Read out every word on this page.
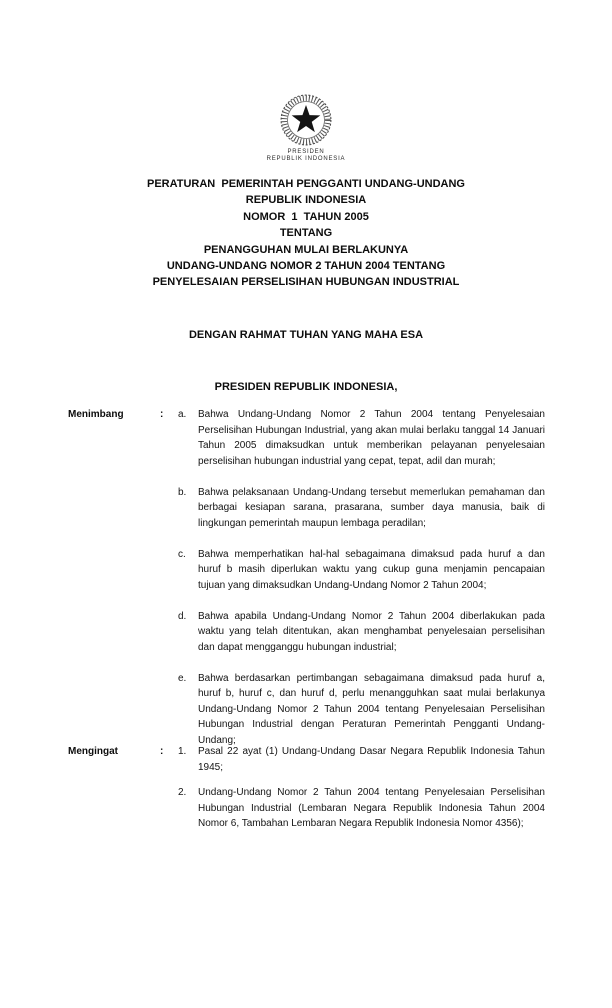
PRESIDEN
REPUBLIK INDONESIA
PERATURAN  PEMERINTAH PENGGANTI UNDANG-UNDANG
REPUBLIK INDONESIA
NOMOR  1  TAHUN 2005
TENTANG
PENANGGUHAN MULAI BERLAKUNYA
UNDANG-UNDANG NOMOR 2 TAHUN 2004 TENTANG
PENYELESAIAN PERSELISIHAN HUBUNGAN INDUSTRIAL
DENGAN RAHMAT TUHAN YANG MAHA ESA
PRESIDEN REPUBLIK INDONESIA,
Menimbang	:	a.	Bahwa Undang-Undang Nomor 2 Tahun 2004 tentang Penyelesaian Perselisihan Hubungan Industrial, yang akan mulai berlaku tanggal 14 Januari Tahun 2005 dimaksudkan untuk memberikan pelayanan penyelesaian perselisihan hubungan industrial yang cepat, tepat, adil dan murah;
b.	Bahwa pelaksanaan Undang-Undang tersebut memerlukan pemahaman dan berbagai kesiapan sarana, prasarana, sumber daya manusia, baik di lingkungan pemerintah maupun lembaga peradilan;
c.	Bahwa memperhatikan hal-hal sebagaimana dimaksud pada huruf a dan huruf b masih diperlukan waktu yang cukup guna menjamin pencapaian tujuan yang dimaksudkan Undang-Undang Nomor 2 Tahun 2004;
d.	Bahwa apabila Undang-Undang Nomor 2 Tahun 2004 diberlakukan pada waktu yang telah ditentukan, akan menghambat penyelesaian perselisihan dan dapat mengganggu hubungan industrial;
e.	Bahwa berdasarkan pertimbangan sebagaimana dimaksud pada huruf a, huruf b, huruf c, dan huruf d, perlu menangguhkan saat mulai berlakunya Undang-Undang Nomor 2 Tahun 2004 tentang Penyelesaian Perselisihan Hubungan Industrial dengan Peraturan Pemerintah Pengganti Undang-Undang;
Mengingat	:	1.	Pasal 22 ayat (1) Undang-Undang Dasar Negara Republik Indonesia Tahun 1945;
2.	Undang-Undang Nomor 2 Tahun 2004 tentang Penyelesaian Perselisihan Hubungan Industrial (Lembaran Negara Republik Indonesia Tahun 2004 Nomor 6, Tambahan Lembaran Negara Republik Indonesia Nomor 4356);
